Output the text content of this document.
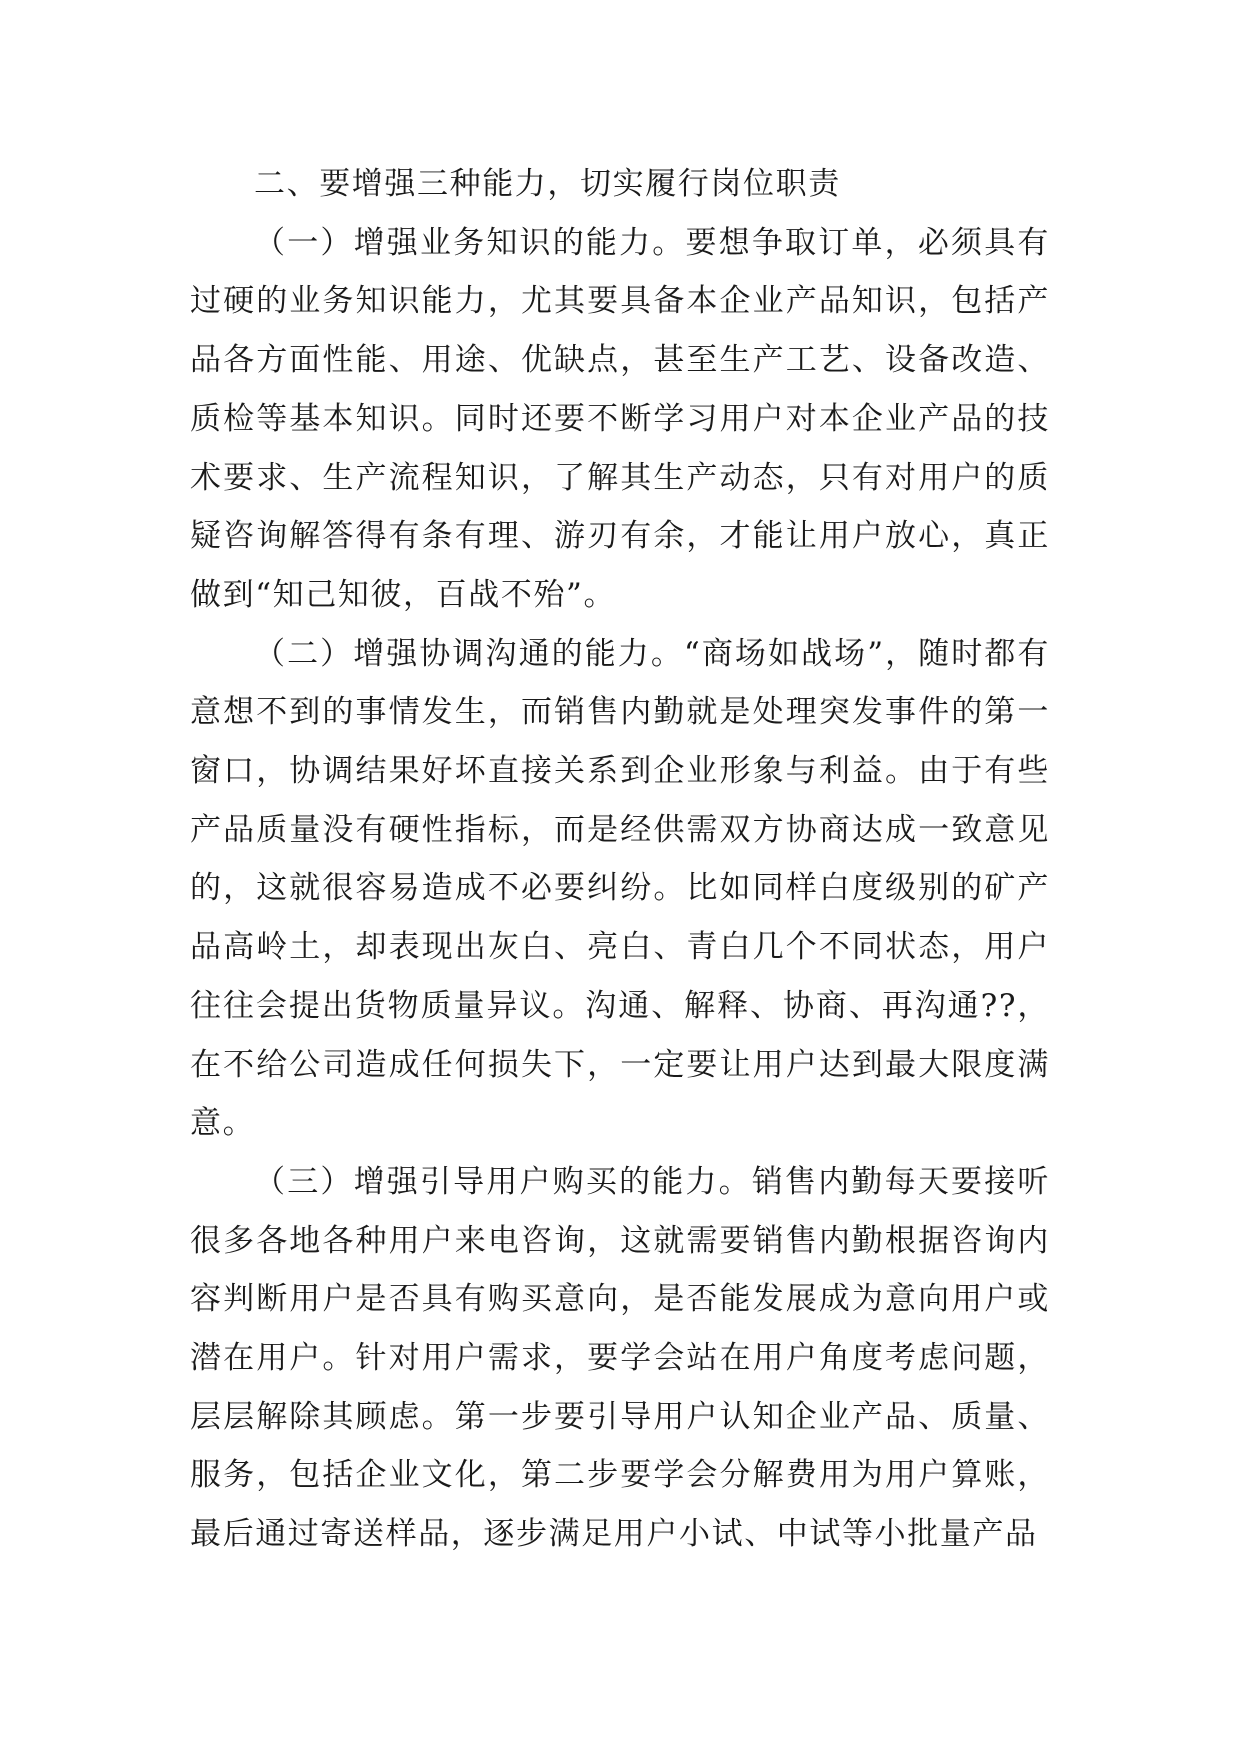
二、要增强三种能力，切实履行岗位职责

（一）增强业务知识的能力。要想争取订单，必须具有过硬的业务知识能力，尤其要具备本企业产品知识，包括产品各方面性能、用途、优缺点，甚至生产工艺、设备改造、质检等基本知识。同时还要不断学习用户对本企业产品的技术要求、生产流程知识，了解其生产动态，只有对用户的质疑咨询解答得有条有理、游刃有余，才能让用户放心，真正做到“知己知彼，百战不殆”。

（二）增强协调沟通的能力。“商场如战场”，随时都有意想不到的事情发生，而销售内勤就是处理突发事件的第一窗口，协调结果好坏直接关系到企业形象与利益。由于有些产品质量没有硬性指标，而是经供需双方协商达成一致意见的，这就很容易造成不必要纠纷。比如同样白度级别的矿产品高岭土，却表现出灰白、亮白、青白几个不同状态，用户往往会提出货物质量异议。沟通、解释、协商、再沟通??，在不给公司造成任何损失下，一定要让用户达到最大限度满意。

（三）增强引导用户购买的能力。销售内勤每天要接听很多各地各种用户来电咨询，这就需要销售内勤根据咨询内容判断用户是否具有购买意向，是否能发展成为意向用户或潜在用户。针对用户需求，要学会站在用户角度考虑问题，层层解除其顾虑。第一步要引导用户认知企业产品、质量、服务，包括企业文化，第二步要学会分解费用为用户算账，最后通过寄送样品，逐步满足用户小试、中试等小批量产品
